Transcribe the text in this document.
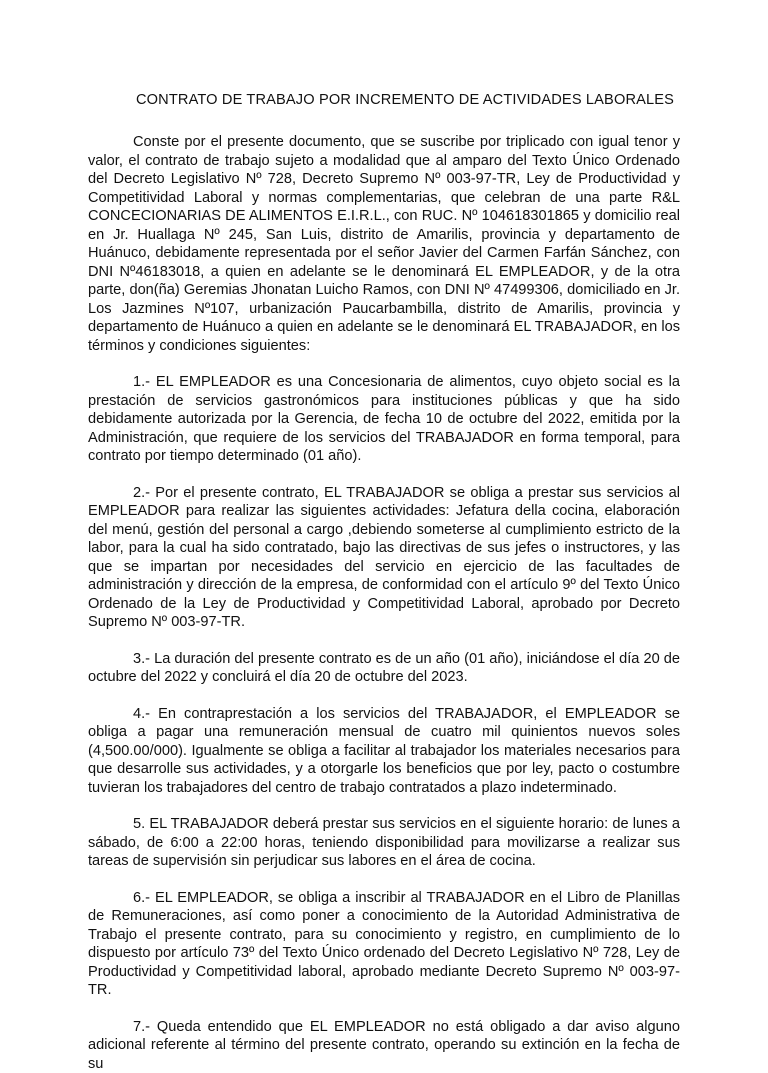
CONTRATO DE TRABAJO POR INCREMENTO DE ACTIVIDADES LABORALES

Conste por el presente documento, que se suscribe por triplicado con igual tenor y valor, el contrato de trabajo sujeto a modalidad que al amparo del Texto Único Ordenado del Decreto Legislativo Nº 728, Decreto Supremo Nº 003-97-TR, Ley de Productividad y Competitividad Laboral y normas complementarias, que celebran de una parte R&L CONCECIONARIAS DE ALIMENTOS E.I.R.L., con RUC. Nº 104618301865 y domicilio real en Jr. Huallaga Nº 245, San Luis, distrito de Amarilis, provincia y departamento de Huánuco, debidamente representada por el señor Javier del Carmen Farfán Sánchez, con DNI Nº46183018, a quien en adelante se le denominará EL EMPLEADOR, y de la otra parte, don(ña) Geremias Jhonatan Luicho Ramos, con DNI Nº 47499306, domiciliado en Jr. Los Jazmines Nº107, urbanización Paucarbambilla, distrito de Amarilis, provincia y departamento de Huánuco a quien en adelante se le denominará EL TRABAJADOR, en los términos y condiciones siguientes:

1.- EL EMPLEADOR es una Concesionaria de alimentos, cuyo objeto social es la prestación de servicios gastronómicos para instituciones públicas y que ha sido debidamente autorizada por la Gerencia, de fecha 10 de octubre del 2022, emitida por la Administración, que requiere de los servicios del TRABAJADOR en forma temporal, para contrato por tiempo determinado (01 año).

2.- Por el presente contrato, EL TRABAJADOR se obliga a prestar sus servicios al EMPLEADOR para realizar las siguientes actividades: Jefatura della cocina, elaboración del menú, gestión del personal a cargo ,debiendo someterse al cumplimiento estricto de la labor, para la cual ha sido contratado, bajo las directivas de sus jefes o instructores, y las que se impartan por necesidades del servicio en ejercicio de las facultades de administración y dirección de la empresa, de conformidad con el artículo 9º del Texto Único Ordenado de la Ley de Productividad y Competitividad Laboral, aprobado por Decreto Supremo Nº 003-97-TR.

3.- La duración del presente contrato es de un año (01 año), iniciándose el día 20 de octubre del 2022 y concluirá el día 20 de octubre del 2023.

4.- En contraprestación a los servicios del TRABAJADOR, el EMPLEADOR se obliga a pagar una remuneración mensual de cuatro mil quinientos nuevos soles (4,500.00/000). Igualmente se obliga a facilitar al trabajador los materiales necesarios para que desarrolle sus actividades, y a otorgarle los beneficios que por ley, pacto o costumbre tuvieran los trabajadores del centro de trabajo contratados a plazo indeterminado.

5. EL TRABAJADOR deberá prestar sus servicios en el siguiente horario: de lunes a sábado, de 6:00 a 22:00 horas, teniendo disponibilidad para movilizarse a realizar sus tareas de supervisión sin perjudicar sus labores en el área de cocina.

6.- EL EMPLEADOR, se obliga a inscribir al TRABAJADOR en el Libro de Planillas de Remuneraciones, así como poner a conocimiento de la Autoridad Administrativa de Trabajo el presente contrato, para su conocimiento y registro, en cumplimiento de lo dispuesto por artículo 73º del Texto Único ordenado del Decreto Legislativo Nº 728, Ley de Productividad y Competitividad laboral, aprobado mediante Decreto Supremo Nº 003-97-TR.

7.- Queda entendido que EL EMPLEADOR no está obligado a dar aviso alguno adicional referente al término del presente contrato, operando su extinción en la fecha de su
